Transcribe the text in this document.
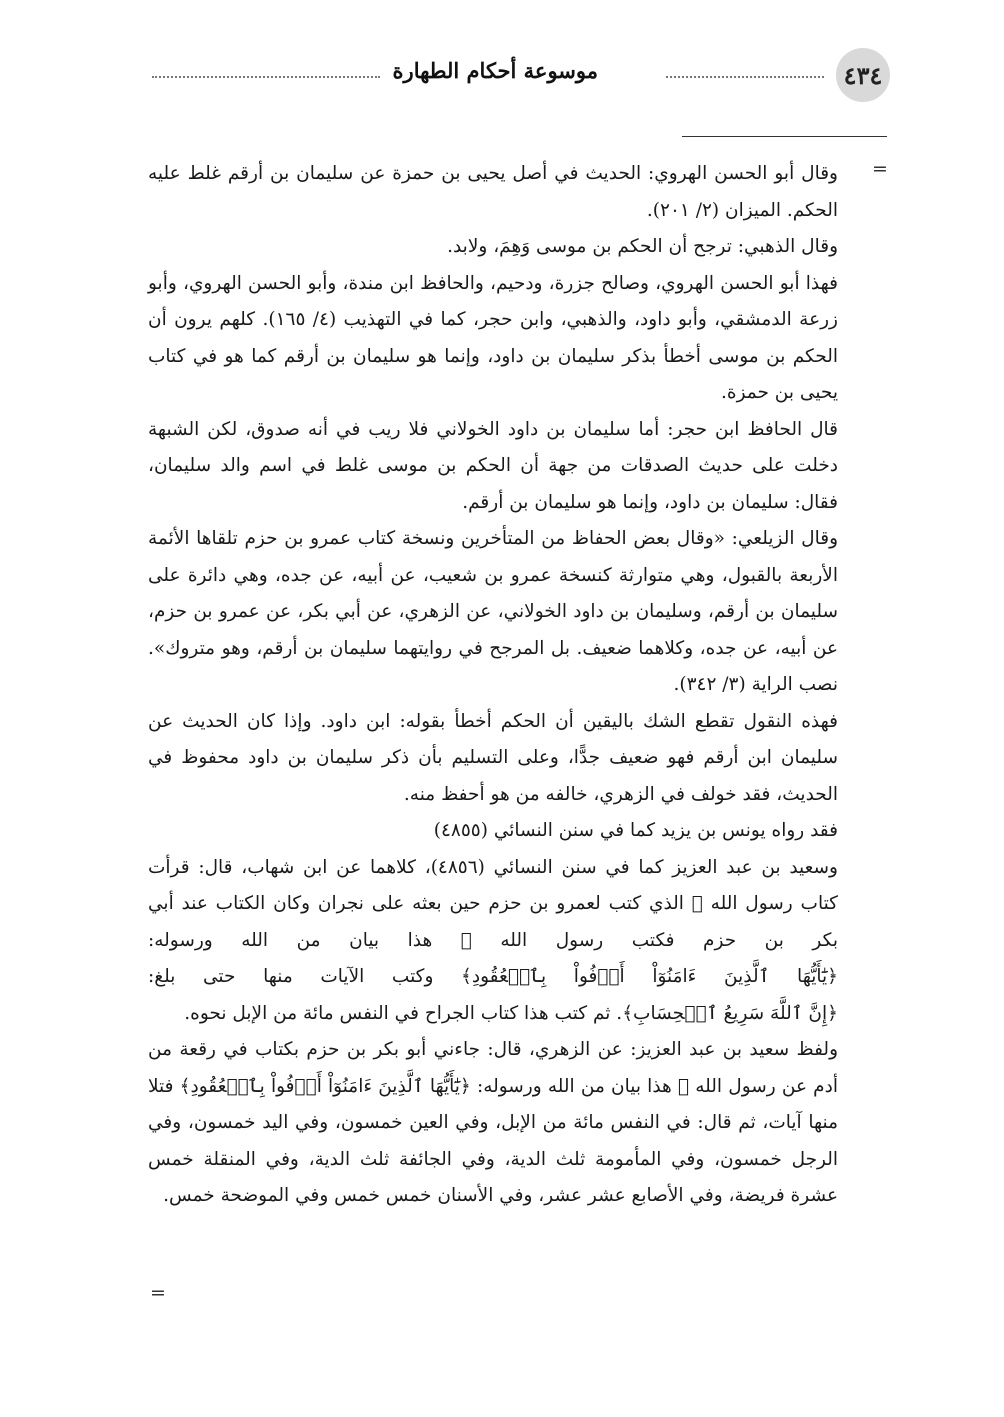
٤٣٤
موسوعة أحكام الطهارة
=

وقال أبو الحسن الهروي: الحديث في أصل يحيى بن حمزة عن سليمان بن أرقم غلط عليه الحكم. الميزان (٢/ ٢٠١).

وقال الذهبي: ترجح أن الحكم بن موسى وَهِمَ، ولابد.

فهذا أبو الحسن الهروي، وصالح جزرة، ودحيم، والحافظ ابن مندة، وأبو الحسن الهروي، وأبو زرعة الدمشقي، وأبو داود، والذهبي، وابن حجر، كما في التهذيب (٤/ ١٦٥). كلهم يرون أن الحكم بن موسى أخطأ بذكر سليمان بن داود، وإنما هو سليمان بن أرقم كما هو في كتاب يحيى بن حمزة.

قال الحافظ ابن حجر: أما سليمان بن داود الخولاني فلا ريب في أنه صدوق، لكن الشبهة دخلت على حديث الصدقات من جهة أن الحكم بن موسى غلط في اسم والد سليمان، فقال: سليمان بن داود، وإنما هو سليمان بن أرقم.

وقال الزيلعي: «وقال بعض الحفاظ من المتأخرين ونسخة كتاب عمرو بن حزم تلقاها الأئمة الأربعة بالقبول، وهي متوارثة كنسخة عمرو بن شعيب، عن أبيه، عن جده، وهي دائرة على سليمان بن أرقم، وسليمان بن داود الخولاني، عن الزهري، عن أبي بكر، عن عمرو بن حزم، عن أبيه، عن جده، وكلاهما ضعيف. بل المرجح في روايتهما سليمان بن أرقم، وهو متروك». نصب الراية (٣/ ٣٤٢).

فهذه النقول تقطع الشك باليقين أن الحكم أخطأ بقوله: ابن داود. وإذا كان الحديث عن سليمان ابن أرقم فهو ضعيف جدًّا، وعلى التسليم بأن ذكر سليمان بن داود محفوظ في الحديث، فقد خولف في الزهري، خالفه من هو أحفظ منه.

فقد رواه يونس بن يزيد كما في سنن النسائي (٤٨٥٥)

وسعيد بن عبد العزيز كما في سنن النسائي (٤٨٥٦)، كلاهما عن ابن شهاب، قال: قرأت كتاب رسول الله ﷺ الذي كتب لعمرو بن حزم حين بعثه على نجران وكان الكتاب عند أبي بكر بن حزم فكتب رسول الله ﷺ هذا بيان من الله ورسوله: ﴿يَٰٓأَيُّهَا ٱلَّذِينَ ءَامَنُوٓاْ أَوۡفُواْ بِٱلۡعُقُودِ﴾ وكتب الآيات منها حتى بلغ: ﴿إِنَّ ٱللَّهَ سَرِيعُ ٱلۡحِسَابِ﴾. ثم كتب هذا كتاب الجراح في النفس مائة من الإبل نحوه.

ولفظ سعيد بن عبد العزيز: عن الزهري، قال: جاءني أبو بكر بن حزم بكتاب في رقعة من أدم عن رسول الله ﷺ هذا بيان من الله ورسوله: ﴿يَٰٓأَيُّهَا ٱلَّذِينَ ءَامَنُوٓاْ أَوۡفُواْ بِٱلۡعُقُودِ﴾ فتلا منها آيات، ثم قال: في النفس مائة من الإبل، وفي العين خمسون، وفي اليد خمسون، وفي الرجل خمسون، وفي المأمومة ثلث الدية، وفي الجائفة ثلث الدية، وفي المنقلة خمس عشرة فريضة، وفي الأصابع عشر عشر، وفي الأسنان خمس خمس وفي الموضحة خمس.

=
